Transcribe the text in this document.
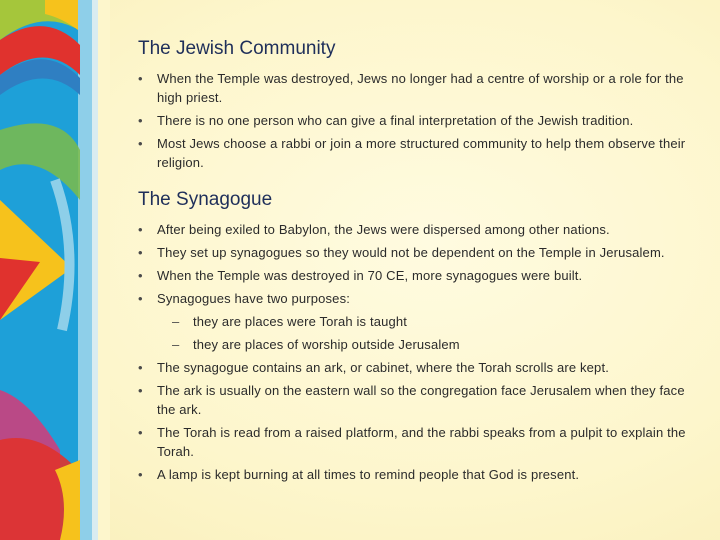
The Jewish Community
• When the Temple was destroyed, Jews no longer had a centre of worship or a role for the high priest.
• There is no one person who can give a final interpretation of the Jewish tradition.
• Most Jews choose a rabbi or join a more structured community to help them observe their religion.
The Synagogue
• After being exiled to Babylon, the Jews were dispersed among other nations.
• They set up synagogues so they would not be dependent on the Temple in Jerusalem.
• When the Temple was destroyed in 70 CE, more synagogues were built.
• Synagogues have two purposes:
– they are places were Torah is taught
– they are places of worship outside Jerusalem
• The synagogue contains an ark, or cabinet, where the Torah scrolls are kept.
• The ark is usually on the eastern wall so the congregation face Jerusalem when they face the ark.
• The Torah is read from a raised platform, and the rabbi speaks from a pulpit to explain the Torah.
• A lamp is kept burning at all times to remind people that God is present.
